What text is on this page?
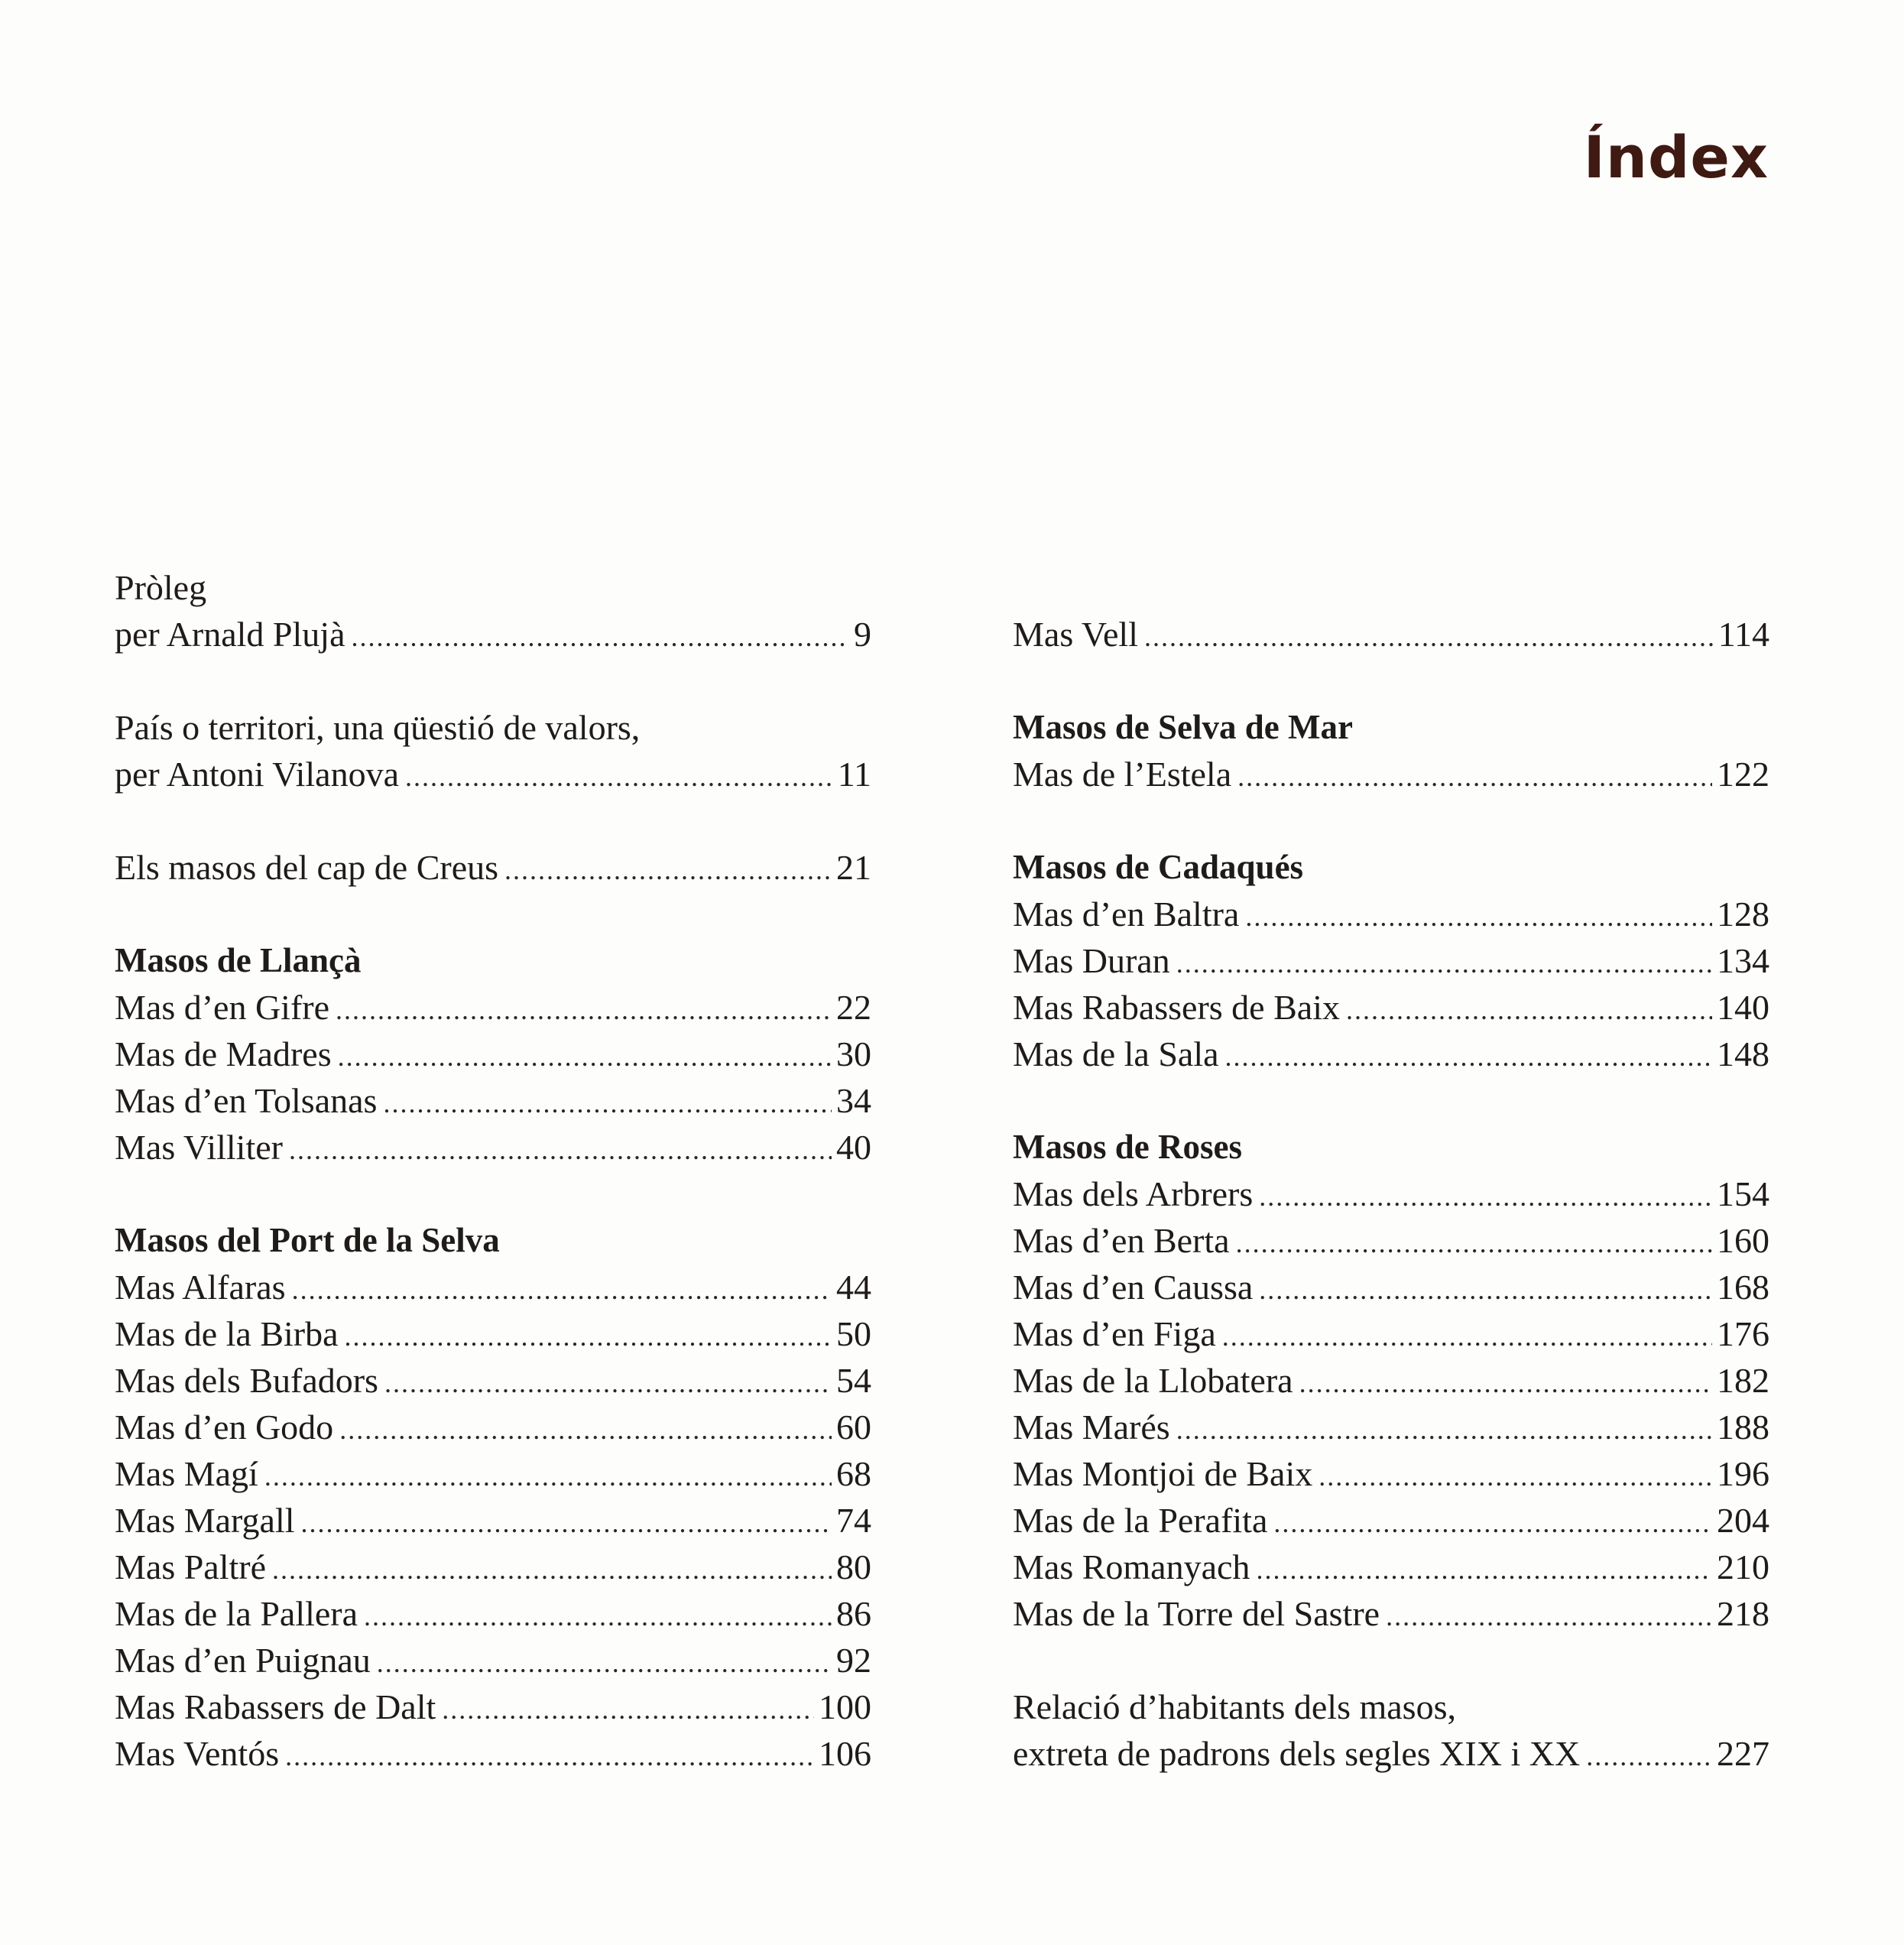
Índex
Pròleg
per Arnald Plujà .....	9
País o territori, una qüestió de valors,
per Antoni Vilanova .....	11
Els masos del cap de Creus .....	21
Masos de Llançà
Mas d’en Gifre .....	22
Mas de Madres .....	30
Mas d’en Tolsanas .....	34
Mas Villiter .....	40
Masos del Port de la Selva
Mas Alfaras .....	44
Mas de la Birba .....	50
Mas dels Bufadors .....	54
Mas d’en Godo .....	60
Mas Magí .....	68
Mas Margall .....	74
Mas Paltré .....	80
Mas de la Pallera .....	86
Mas d’en Puignau .....	92
Mas Rabassers de Dalt .....	100
Mas Ventós .....	106
Mas Vell .....	114
Masos de Selva de Mar
Mas de l’Estela .....	122
Masos de Cadaqués
Mas d’en Baltra .....	128
Mas Duran .....	134
Mas Rabassers de Baix .....	140
Mas de la Sala .....	148
Masos de Roses
Mas dels Arbrers .....	154
Mas d’en Berta .....	160
Mas d’en Caussa .....	168
Mas d’en Figa .....	176
Mas de la Llobatera .....	182
Mas Marés .....	188
Mas Montjoi de Baix .....	196
Mas de la Perafita .....	204
Mas Romanyach .....	210
Mas de la Torre del Sastre .....	218
Relació d’habitants dels masos,
extreta de padrons dels segles XIX i XX .....	227
